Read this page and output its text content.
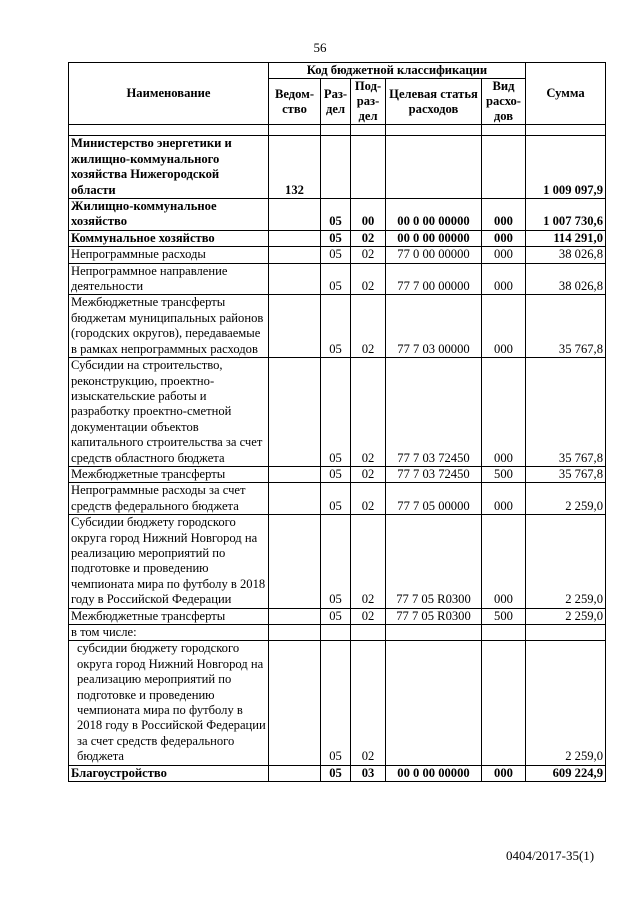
56
Наименование	Код бюджетной классификации					Сумма
	Ведом-ство	Раз-дел	Под-раз-дел	Целевая статья расходов	Вид расхо-дов	

Министерство энергетики и жилищно-коммунального хозяйства Нижегородской области	132					1 009 097,9
Жилищно-коммунальное хозяйство		05	00	00 0 00 00000	000	1 007 730,6
Коммунальное хозяйство		05	02	00 0 00 00000	000	114 291,0
Непрограммные расходы		05	02	77 0 00 00000	000	38 026,8
Непрограммное направление деятельности		05	02	77 7 00 00000	000	38 026,8
Межбюджетные трансферты бюджетам муниципальных районов (городских округов), передаваемые в рамках непрограммных расходов		05	02	77 7 03 00000	000	35 767,8
Субсидии на строительство, реконструкцию, проектно-изыскательские работы и разработку проектно-сметной документации объектов капитального строительства за счет средств областного бюджета		05	02	77 7 03 72450	000	35 767,8
Межбюджетные трансферты		05	02	77 7 03 72450	500	35 767,8
Непрограммные расходы за счет средств федерального бюджета		05	02	77 7 05 00000	000	2 259,0
Субсидии бюджету городского округа город Нижний Новгород на реализацию мероприятий по подготовке и проведению чемпионата мира по футболу в 2018 году в Российской Федерации		05	02	77 7 05 R0300	000	2 259,0
Межбюджетные трансферты		05	02	77 7 05 R0300	500	2 259,0
в том числе:						
субсидии бюджету городского округа город Нижний Новгород на реализацию мероприятий по подготовке и проведению чемпионата мира по футболу в 2018 году в Российской Федерации за счет средств федерального бюджета		05	02			2 259,0
Благоустройство		05	03	00 0 00 00000	000	609 224,9
0404/2017-35(1)
